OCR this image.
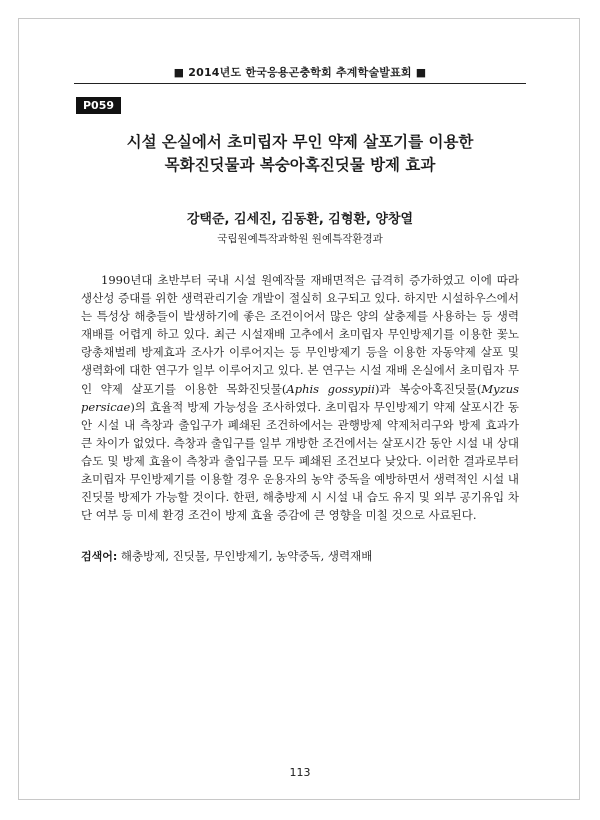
■ 2014년도 한국응용곤충학회 추계학술발표회 ■
P059
시설 온실에서 초미립자 무인 약제 살포기를 이용한
목화진딧물과 복숭아혹진딧물 방제 효과
강택준, 김세진, 김동환, 김형환, 양창열
국립원예특작과학원 원예특작환경과
1990년대 초반부터 국내 시설 원예작물 재배면적은 급격히 증가하였고 이에 따라 생산성 증대를 위한 생력관리기술 개발이 절실히 요구되고 있다. 하지만 시설하우스에서는 특성상 해충들이 발생하기에 좋은 조건이어서 많은 양의 살충제를 사용하는 등 생력재배를 어렵게 하고 있다. 최근 시설재배 고추에서 초미립자 무인방제기를 이용한 꽃노랑총채벌레 방제효과 조사가 이루어지는 등 무인방제기 등을 이용한 자동약제 살포 및 생력화에 대한 연구가 일부 이루어지고 있다. 본 연구는 시설 재배 온실에서 초미립자 무인 약제 살포기를 이용한 목화진딧물(Aphis gossypii)과 복숭아혹진딧물(Myzus persicae)의 효율적 방제 가능성을 조사하였다. 초미립자 무인방제기 약제 살포시간 동안 시설 내 측창과 출입구가 폐쇄된 조건하에서는 관행방제 약제처리구와 방제 효과가 큰 차이가 없었다. 측창과 출입구를 일부 개방한 조건에서는 살포시간 동안 시설 내 상대습도 및 방제 효율이 측창과 출입구를 모두 폐쇄된 조건보다 낮았다. 이러한 결과로부터 초미립자 무인방제기를 이용할 경우 운용자의 농약 중독을 예방하면서 생력적인 시설 내 진딧물 방제가 가능할 것이다. 한편, 해충방제 시 시설 내 습도 유지 및 외부 공기유입 차단 여부 등 미세 환경 조건이 방제 효율 증감에 큰 영향을 미칠 것으로 사료된다.
검색어: 해충방제, 진딧물, 무인방제기, 농약중독, 생력재배
113
